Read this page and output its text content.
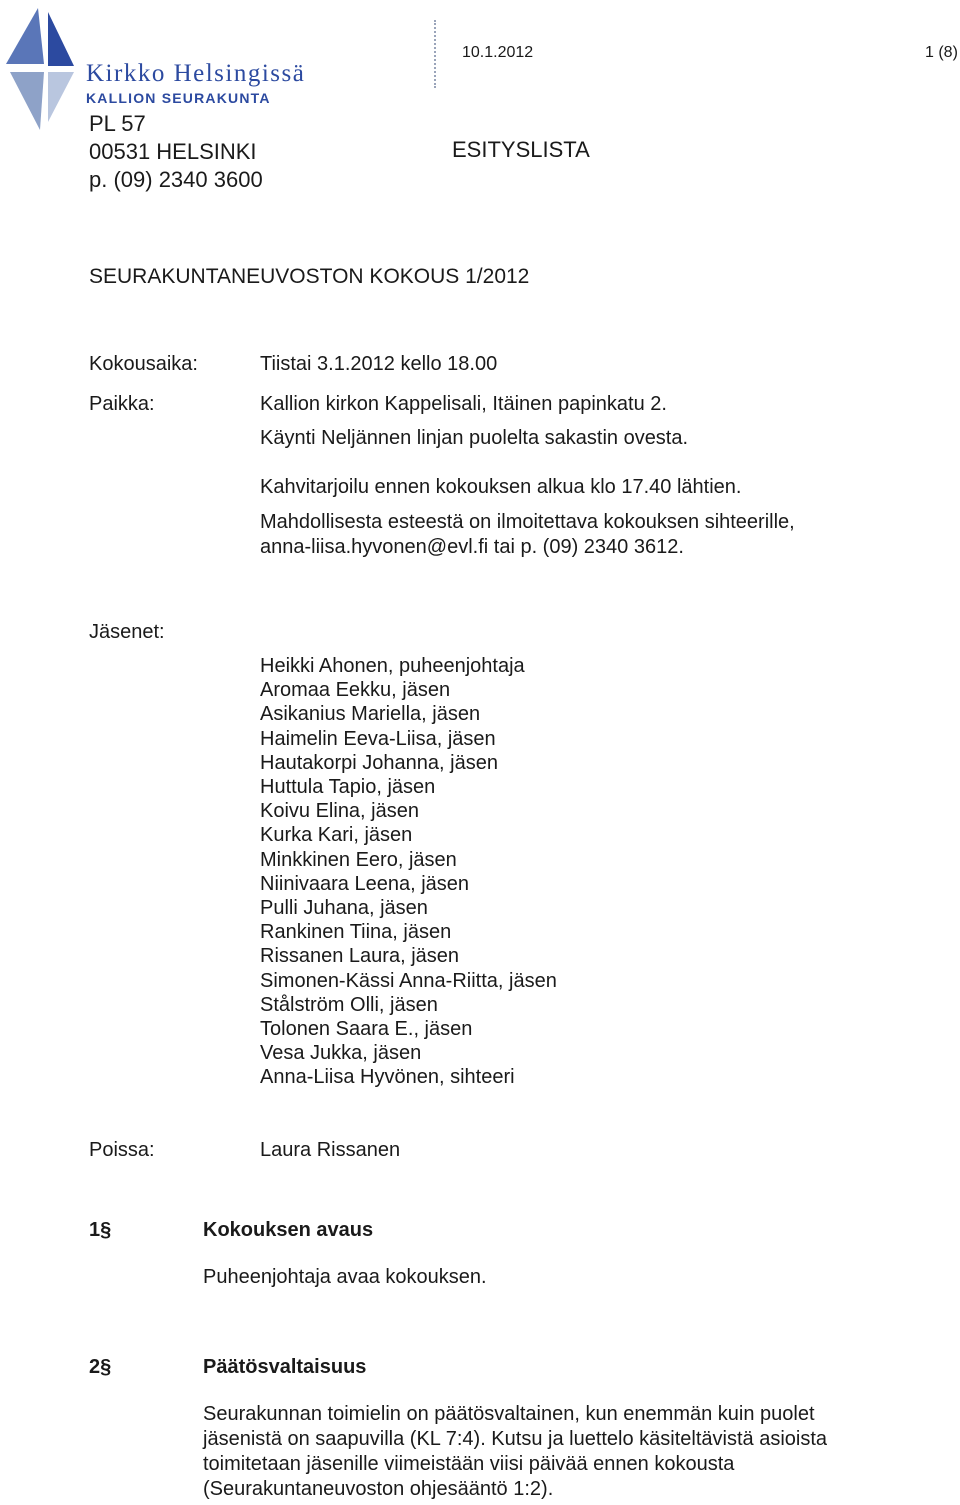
Kirkko Helsingissä
KALLION SEURAKUNTA
10.1.2012	1 (8)
PL 57
00531 HELSINKI
p. (09) 2340 3600
ESITYSLISTA
SEURAKUNTANEUVOSTON KOKOUS 1/2012
Kokousaika:	Tiistai 3.1.2012 kello 18.00
Paikka:	Kallion kirkon Kappelisali, Itäinen papinkatu 2.
Käynti Neljännen linjan puolelta sakastin ovesta.
Kahvitarjoilu ennen kokouksen alkua klo 17.40 lähtien.
Mahdollisesta esteestä on ilmoitettava kokouksen sihteerille,
anna-liisa.hyvonen@evl.fi tai p. (09) 2340 3612.
Jäsenet:
Heikki Ahonen, puheenjohtaja
Aromaa Eekku, jäsen
Asikanius Mariella, jäsen
Haimelin Eeva-Liisa, jäsen
Hautakorpi Johanna, jäsen
Huttula Tapio, jäsen
Koivu Elina, jäsen
Kurka Kari, jäsen
Minkkinen Eero, jäsen
Niinivaara Leena, jäsen
Pulli Juhana, jäsen
Rankinen Tiina, jäsen
Rissanen Laura, jäsen
Simonen-Kässi Anna-Riitta, jäsen
Stålström Olli, jäsen
Tolonen Saara E., jäsen
Vesa Jukka, jäsen
Anna-Liisa Hyvönen, sihteeri
Poissa:	Laura Rissanen
1§	Kokouksen avaus
Puheenjohtaja avaa kokouksen.
2§	Päätösvaltaisuus
Seurakunnan toimielin on päätösvaltainen, kun enemmän kuin puolet
jäsenistä on saapuvilla (KL 7:4). Kutsu ja luettelo käsiteltävistä asioista
toimitetaan jäsenille viimeistään viisi päivää ennen kokousta
(Seurakuntaneuvoston ohjesääntö 1:2).
